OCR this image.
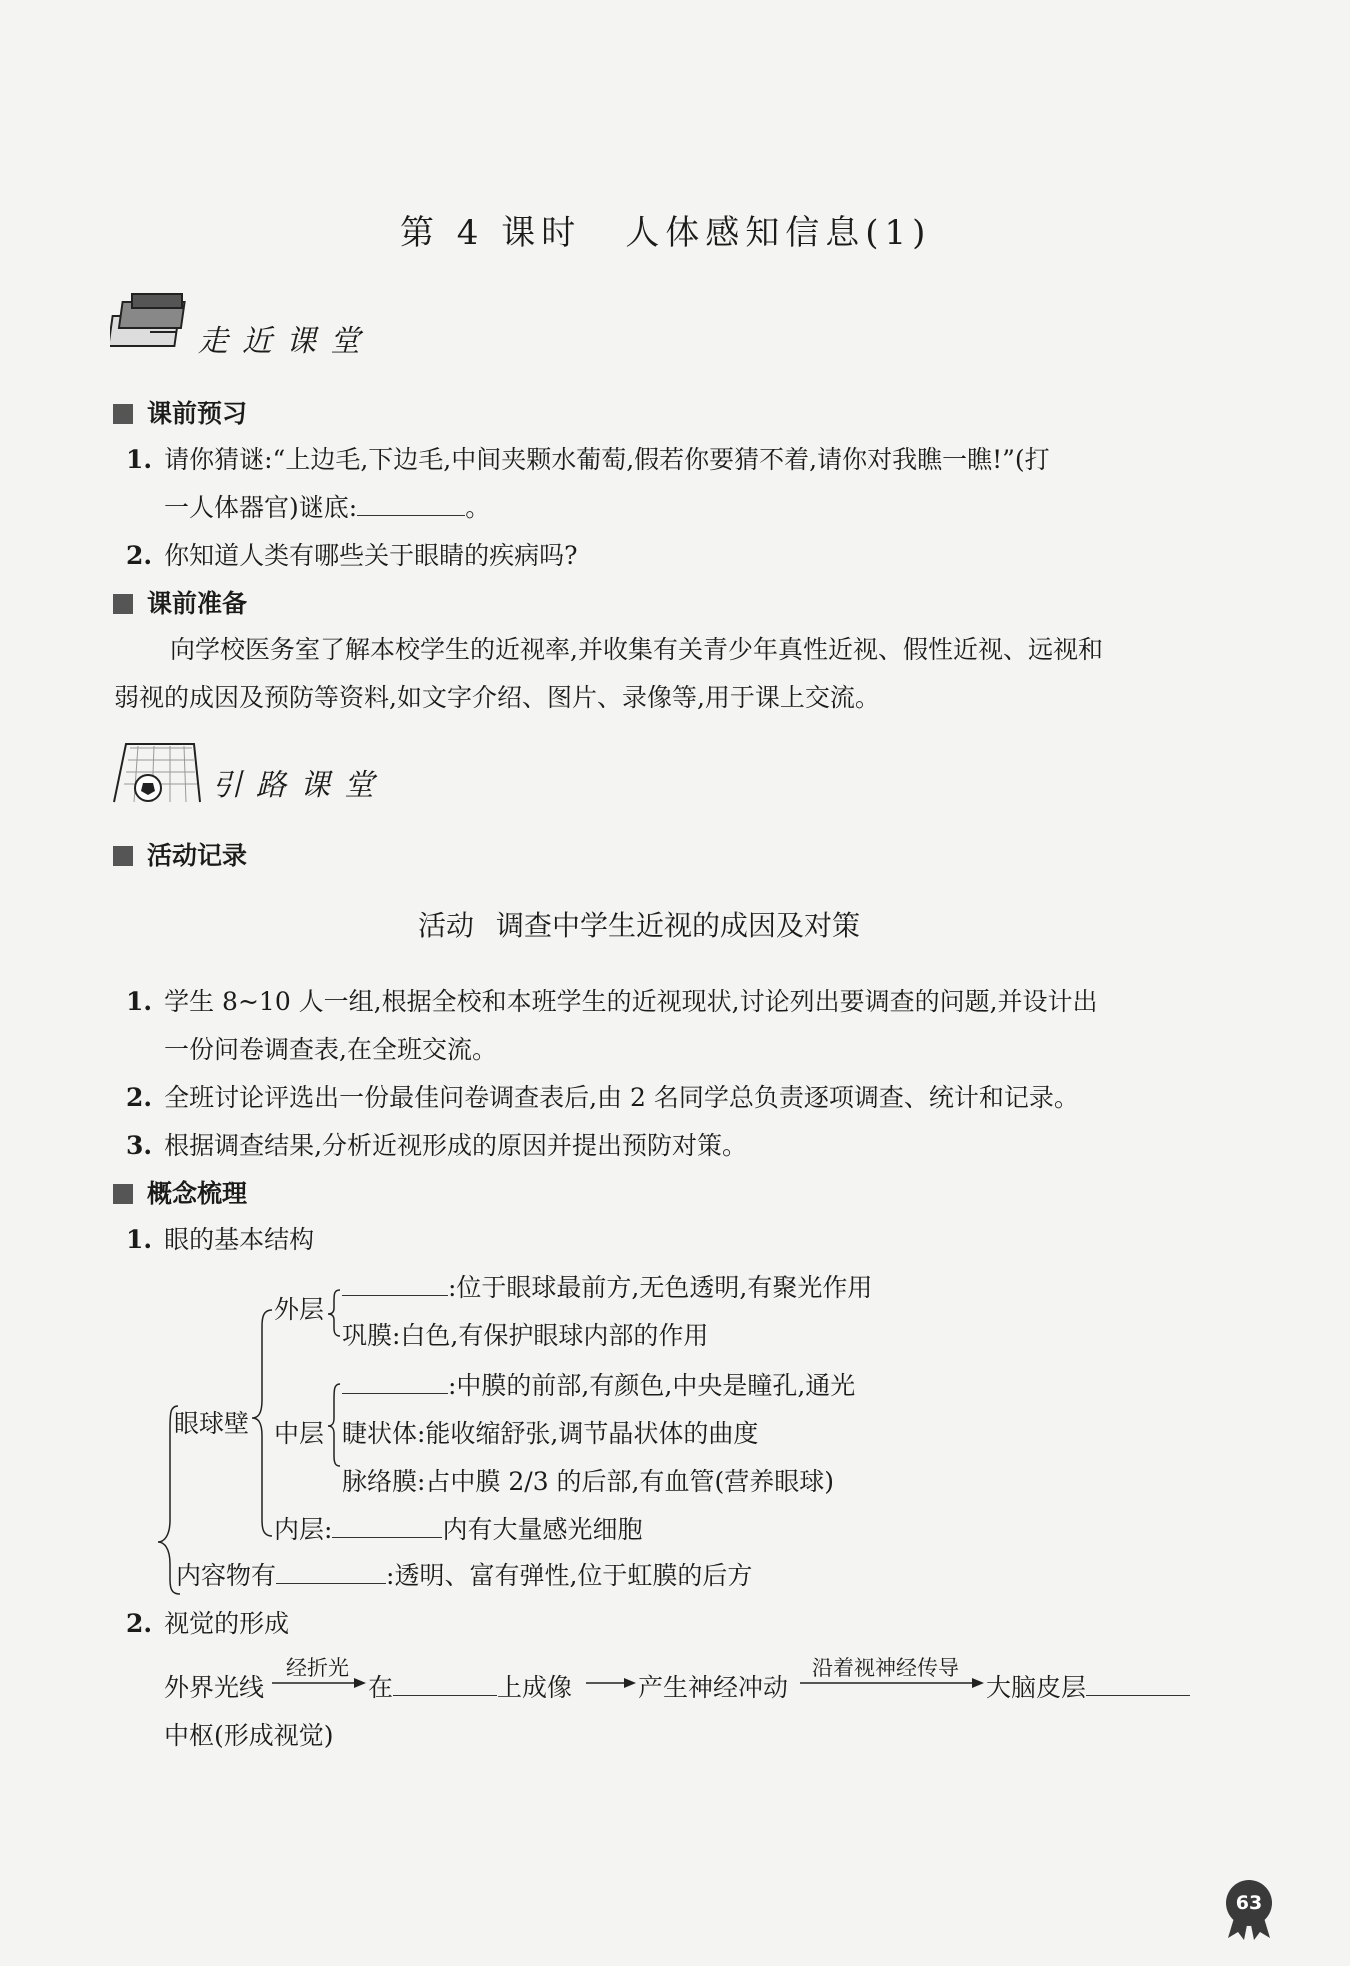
第 4 课时 人体感知信息(1)
走近课堂
课前预习
1. 请你猜谜:“上边毛,下边毛,中间夹颗水葡萄,假若你要猜不着,请你对我瞧一瞧!”(打
一人体器官)谜底:	。
2. 你知道人类有哪些关于眼睛的疾病吗?
课前准备
向学校医务室了解本校学生的近视率,并收集有关青少年真性近视、假性近视、远视和
弱视的成因及预防等资料,如文字介绍、图片、录像等,用于课上交流。
引路课堂
活动记录
活动 调查中学生近视的成因及对策
1. 学生 8~10 人一组,根据全校和本班学生的近视现状,讨论列出要调查的问题,并设计出
一份问卷调查表,在全班交流。
2. 全班讨论评选出一份最佳问卷调查表后,由 2 名同学总负责逐项调查、统计和记录。
3. 根据调查结果,分析近视形成的原因并提出预防对策。
概念梳理
1. 眼的基本结构
外层
:位于眼球最前方,无色透明,有聚光作用
巩膜:白色,有保护眼球内部的作用
眼球壁 中层
:中膜的前部,有颜色,中央是瞳孔,通光
睫状体:能收缩舒张,调节晶状体的曲度
脉络膜:占中膜 2/3 的后部,有血管(营养眼球)
内层:	内有大量感光细胞
内容物有	:透明、富有弹性,位于虹膜的后方
2. 视觉的形成
外界光线
经折光
在	上成像	产生神经冲动
沿着视神经传导
大脑皮层
中枢(形成视觉)
63
